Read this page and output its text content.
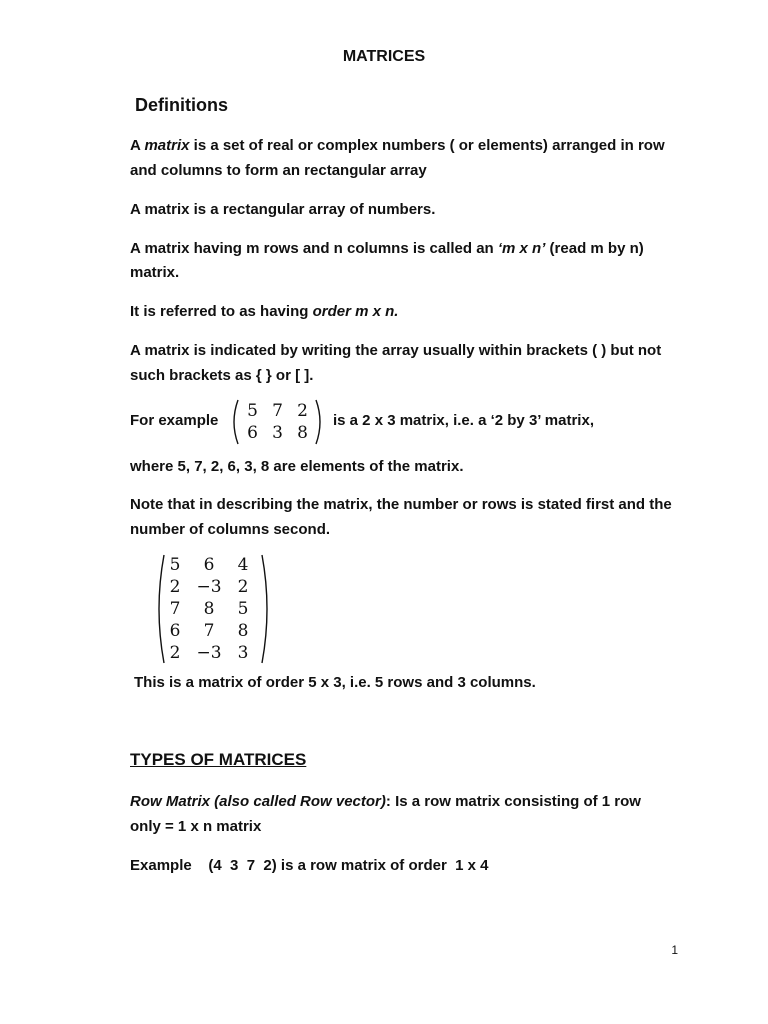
MATRICES
Definitions
A matrix is a set of real or complex numbers ( or elements) arranged in row
and columns to form an rectangular array
A matrix is a rectangular array of numbers.
A matrix having m rows and n columns is called an ‘m x n’ (read m by n)
matrix.
It is referred to as having order m x n.
A matrix is indicated by writing the array usually within brackets ( ) but not
such brackets as { } or [ ].
For example 5	7	2
6	3	8
is a 2 x 3 matrix, i.e. a ‘2 by 3’ matrix,
where 5, 7, 2, 6, 3, 8 are elements of the matrix.
Note that in describing the matrix, the number or rows is stated first and the
number of columns second.
5	6	4
2	−3	2
7	8	5
6	7	8
2	−3	3
This is a matrix of order 5 x 3, i.e. 5 rows and 3 columns.
TYPES OF MATRICES
Row Matrix (also called Row vector): Is a row matrix consisting of 1 row
only = 1 x n matrix
Example    (4  3  7  2) is a row matrix of order  1 x 4
1
